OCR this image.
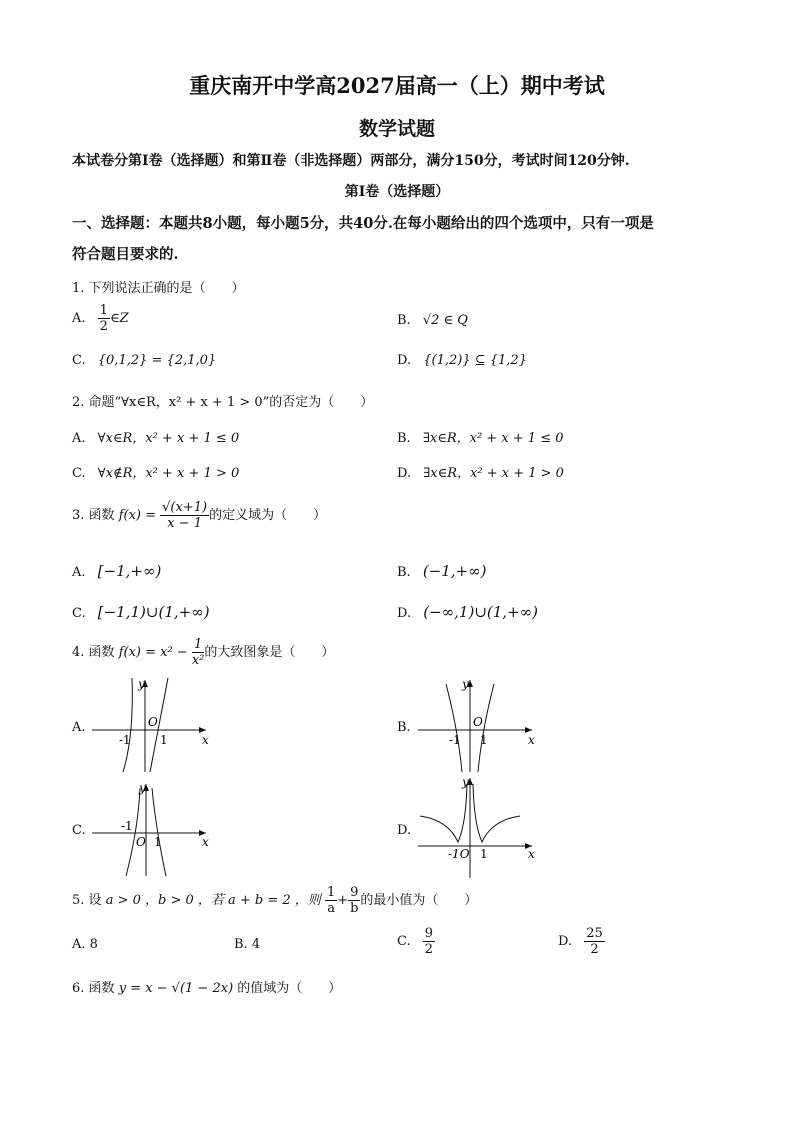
重庆南开中学高2027届高一（上）期中考试
数学试题
本试卷分第Ⅰ卷（选择题）和第Ⅱ卷（非选择题）两部分，满分150分，考试时间120分钟.
第Ⅰ卷（选择题）
一、选择题：本题共8小题，每小题5分，共40分.在每小题给出的四个选项中，只有一项是
符合题目要求的.
1. 下列说法正确的是（　　）
A. $\frac{1}{2}$ ∈Z	B. √2 ∈ Q
C. {0,1,2} = {2,1,0}	D. {(1,2)} ⊆ {1,2}
2. 命题“∀x∈R，x² + x + 1 > 0”的否定为（　　）
A. ∀x∈R，x² + x + 1 ≤ 0	B. ∃x∈R，x² + x + 1 ≤ 0
C. ∀x∉R，x² + x + 1 > 0	D. ∃x∈R，x² + x + 1 > 0
3. 函数 $f(x) = \frac{√(x+1)}{x - 1}$ 的定义域为（　　）
A. [−1,+∞)	B. (−1,+∞)
C. [−1,1)∪(1,+∞)	D. (−∞,1)∪(1,+∞)
4. 函数 $f(x) = x^2 - \frac{1}{\text{x²}}$ 的大致图象是（　　）
A.	B.
C.	D.
y
x
O
-1 1
y
x
O
-1 1
y
x
O
-1
1
y
x
-1O 1
5. 设 a > 0 ，b > 0 ，若 a + b = 2 ，则 $\frac{1}{a} + \frac{9}{b}$ 的最小值为（　　）
A. 8	B. 4	C. $\frac{9}{2}$	D. $\frac{25}{2}$
6. 函数 y = x − √(1 − 2x) 的值域为（　　）
